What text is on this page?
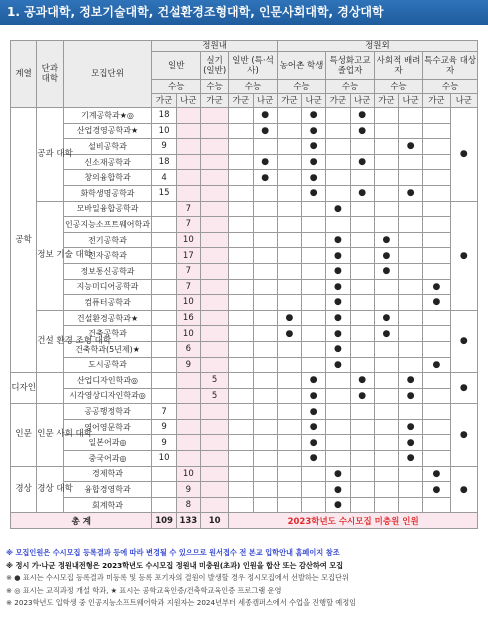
1. 공과대학, 정보기술대학, 건설환경조형대학, 인문사회대학, 경상대학
계열	단과 대학	모집단위	정원내					정원외							
			일반		실기 (일반)	일반 (특·석사)		농어촌 학생		특성화고교 졸업자		사회적 배려자		특수교육 대상자	
			수능		수능	수능		수능		수능		수능		수능	
			가군	나군	가군	가군	나군	가군	나군	가군	나군	가군	나군	가군	나군
공학	공과 대학	기계공학과★◎	18				●		●		●				●
		산업경영공학과★	10				●		●		●				
		설비공학과	9						●				●		
		신소재공학과	18				●		●		●				
		창의융합학과	4				●		●						
		화학생명공학과	15						●		●		●		
	정보 기술 대학	모바일융합공학과		7						●					●
		인공지능소프트웨어학과		7											
		전기공학과		10						●		●			
		전자공학과		17						●		●			
		정보통신공학과		7						●		●			
		지능미디어공학과		7						●				●	
		컴퓨터공학과		10						●				●	
	건설 환경 조형 대학	건설환경공학과★		16				●		●		●			●
		건축공학과		10				●		●		●			
		건축학과(5년제)★		6						●					
		도시공학과		9						●				●	
디자인		산업디자인학과◎			5				●		●		●		●
		시각영상디자인학과◎			5				●		●		●		
인문	인문 사회 대학	공공행정학과	7						●						●
		영어영문학과	9						●				●		
		일본어과◎	9						●				●		
		중국어과◎	10						●				●		
경상	경상 대학	경제학과		10						●				●	●
		융합경영학과		9						●				●	
		회계학과		8						●					
총 계			109	133	10	2023학년도 수시모집 미충원 인원									
※ 모집인원은 수시모집 등록결과 등에 따라 변경될 수 있으므로 원서접수 전 본교 입학안내 홈페이지 참조
※ 정시 가·나군 정원내전형은 2023학년도 수시모집 정원내 미충원(초과) 인원을 합산 또는 감산하여 모집
※ ● 표시는 수시모집 등록결과 미등록 및 등록 포기자의 결원이 발생할 경우 정시모집에서 선발하는 모집단위
※ ◎ 표시는 교직과정 개설 학과, ★ 표시는 공학교육인증/건축학교육인증 프로그램 운영
※ 2023학년도 입학생 중 인공지능소프트웨어학과 지원자는 2024년부터 세종캠퍼스에서 수업을 진행할 예정임
